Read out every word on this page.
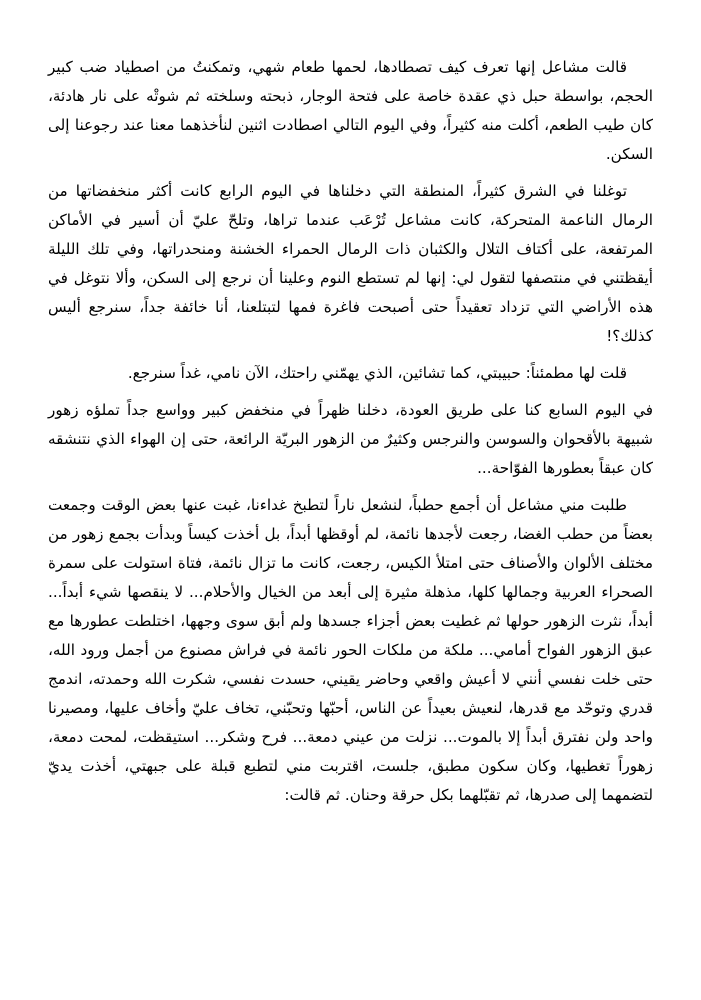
قالت مشاعل إنها تعرف كيف تصطادها، لحمها طعام شهي، وتمكنتُ من اصطياد ضب كبير الحجم، بواسطة حبل ذي عقدة خاصة على فتحة الوجار، ذبحته وسلخته ثم شوتْه على نار هادئة، كان طيب الطعم، أكلت منه كثيراً، وفي اليوم التالي اصطادت اثنين لنأخذهما معنا عند رجوعنا إلى السكن.

توغلنا في الشرق كثيراً، المنطقة التي دخلناها في اليوم الرابع كانت أكثر منخفضاتها من الرمال الناعمة المتحركة، كانت مشاعل تُرْعَب عندما تراها، وتلحّ عليّ أن أسير في الأماكن المرتفعة، على أكتاف التلال والكثبان ذات الرمال الحمراء الخشنة ومنحدراتها، وفي تلك الليلة أيقظتني في منتصفها لتقول لي: إنها لم تستطع النوم وعلينا أن نرجع إلى السكن، وألا نتوغل في هذه الأراضي التي تزداد تعقيداً حتى أصبحت فاغرة فمها لتبتلعنا، أنا خائفة جداً، سنرجع أليس كذلك؟!

قلت لها مطمئناً: حبيبتي، كما تشائين، الذي يهمّني راحتك، الآن نامي، غداً سنرجع.

في اليوم السابع كنا على طريق العودة، دخلنا ظهراً في منخفض كبير وواسع جداً تملؤه زهور شبيهة بالأقحوان والسوسن والنرجس وكثيرٌ من الزهور البريّة الرائعة، حتى إن الهواء الذي نتنشقه كان عبقاً بعطورها الفوّاحة...

طلبت مني مشاعل أن أجمع حطباً، لنشعل ناراً لتطبخ غداءنا، غبت عنها بعض الوقت وجمعت بعضاً من حطب الغضا، رجعت لأجدها نائمة، لم أوقظها أبداً، بل أخذت كيساً وبدأت بجمع زهور من مختلف الألوان والأصناف حتى امتلأ الكيس، رجعت، كانت ما تزال نائمة، فتاة استولت على سمرة الصحراء العربية وجمالها كلها، مذهلة مثيرة إلى أبعد من الخيال والأحلام... لا ينقصها شيء أبداً... أبداً، نثرت الزهور حولها ثم غطيت بعض أجزاء جسدها ولم أبق سوى وجهها، اختلطت عطورها مع عبق الزهور الفواح أمامي... ملكة من ملكات الحور نائمة في فراش مصنوع من أجمل ورود الله، حتى خلت نفسي أنني لا أعيش واقعي وحاضر يقيني، حسدت نفسي، شكرت الله وحمدته، اندمج قدري وتوحّد مع قدرها، لنعيش بعيداً عن الناس، أحبّها وتحبّني، تخاف عليّ وأخاف عليها، ومصيرنا واحد ولن نفترق أبداً إلا بالموت... نزلت من عيني دمعة... فرح وشكر... استيقظت، لمحت دمعة، زهوراً تغطيها، وكان سكون مطبق، جلست، اقتربت مني لتطبع قبلة على جبهتي، أخذت يديّ لتضمهما إلى صدرها، ثم تقبّلهما بكل حرقة وحنان. ثم قالت:
